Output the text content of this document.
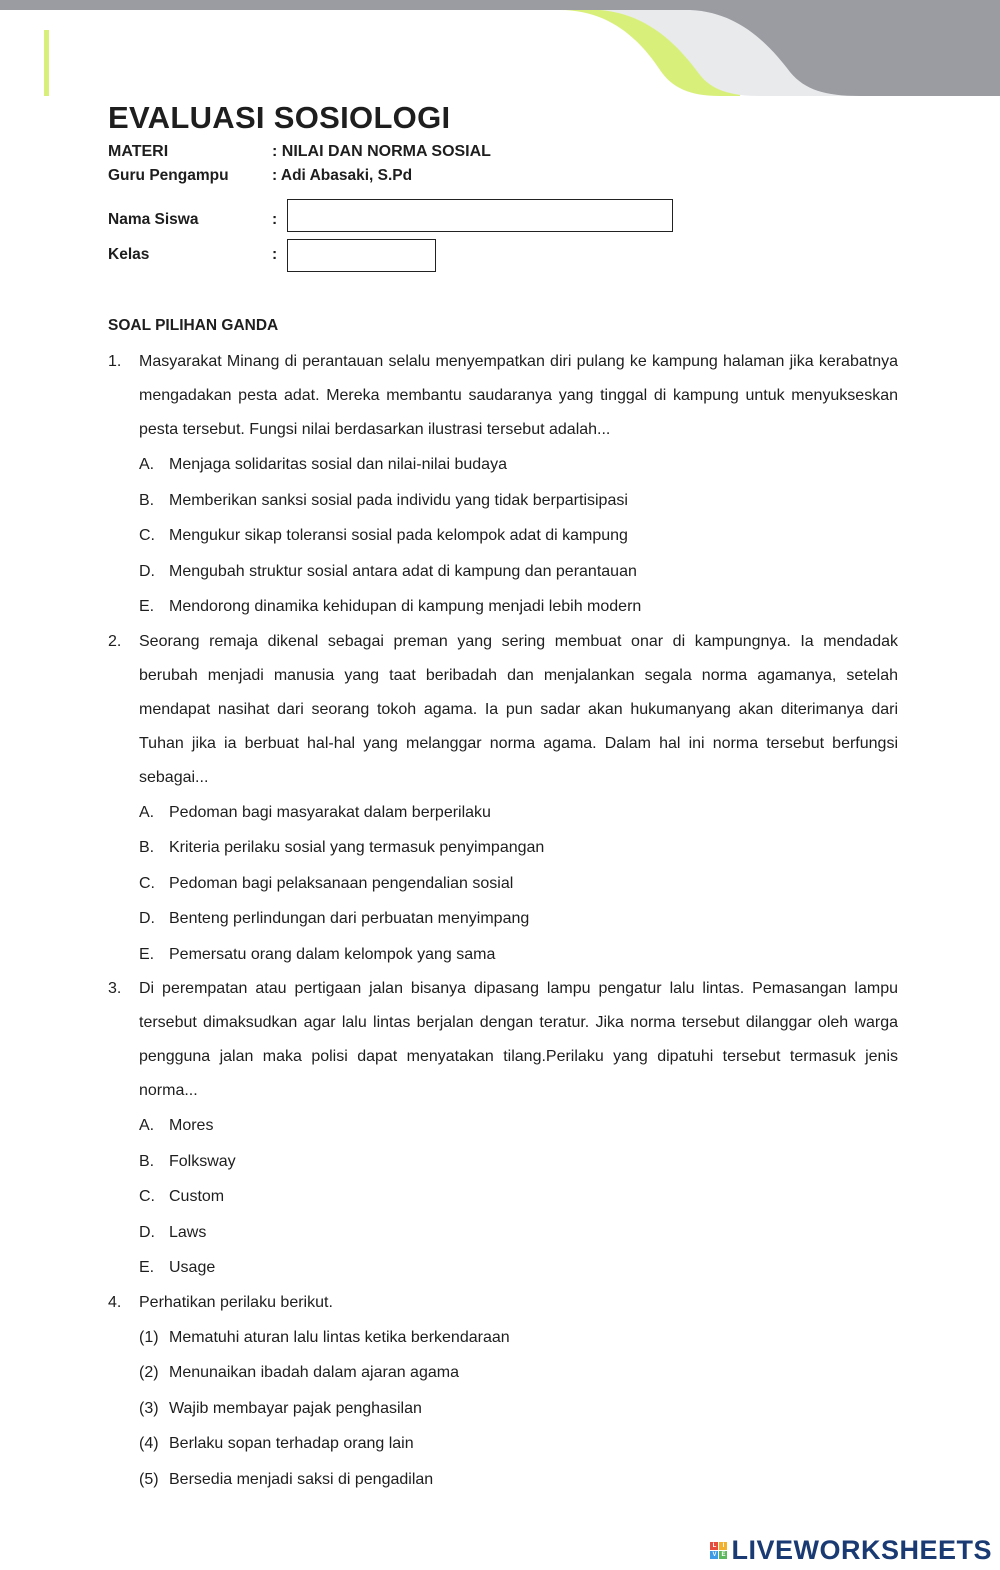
EVALUASI SOSIOLOGI
MATERI	: NILAI DAN NORMA SOSIAL
Guru Pengampu	: Adi Abasaki, S.Pd
Nama Siswa	:
Kelas	:
SOAL PILIHAN GANDA
1. Masyarakat Minang di perantauan selalu menyempatkan diri pulang ke kampung halaman jika kerabatnya mengadakan pesta adat. Mereka membantu saudaranya yang tinggal di kampung untuk menyukseskan pesta tersebut. Fungsi nilai berdasarkan ilustrasi tersebut adalah...
A. Menjaga solidaritas sosial dan nilai-nilai budaya
B. Memberikan sanksi sosial pada individu yang tidak berpartisipasi
C. Mengukur sikap toleransi sosial pada kelompok adat di kampung
D. Mengubah struktur sosial antara adat di kampung dan perantauan
E. Mendorong dinamika kehidupan di kampung menjadi lebih modern
2. Seorang remaja dikenal sebagai preman yang sering membuat onar di kampungnya. Ia mendadak berubah menjadi manusia yang taat beribadah dan menjalankan segala norma agamanya, setelah mendapat nasihat dari seorang tokoh agama. Ia pun sadar akan hukumanyang akan diterimanya dari Tuhan jika ia berbuat hal-hal yang melanggar norma agama. Dalam hal ini norma tersebut berfungsi sebagai...
A. Pedoman bagi masyarakat dalam berperilaku
B. Kriteria perilaku sosial yang termasuk penyimpangan
C. Pedoman bagi pelaksanaan pengendalian sosial
D. Benteng perlindungan dari perbuatan menyimpang
E. Pemersatu orang dalam kelompok yang sama
3. Di perempatan atau pertigaan jalan bisanya dipasang lampu pengatur lalu lintas. Pemasangan lampu tersebut dimaksudkan agar lalu lintas berjalan dengan teratur. Jika norma tersebut dilanggar oleh warga pengguna jalan maka polisi dapat menyatakan tilang.Perilaku yang dipatuhi tersebut termasuk jenis norma...
A. Mores
B. Folksway
C. Custom
D. Laws
E. Usage
4. Perhatikan perilaku berikut.
(1) Mematuhi aturan lalu lintas ketika berkendaraan
(2) Menunaikan ibadah dalam ajaran agama
(3) Wajib membayar pajak penghasilan
(4) Berlaku sopan terhadap orang lain
(5) Bersedia menjadi saksi di pengadilan
L	I
V E LIVEWORKSHEETS
